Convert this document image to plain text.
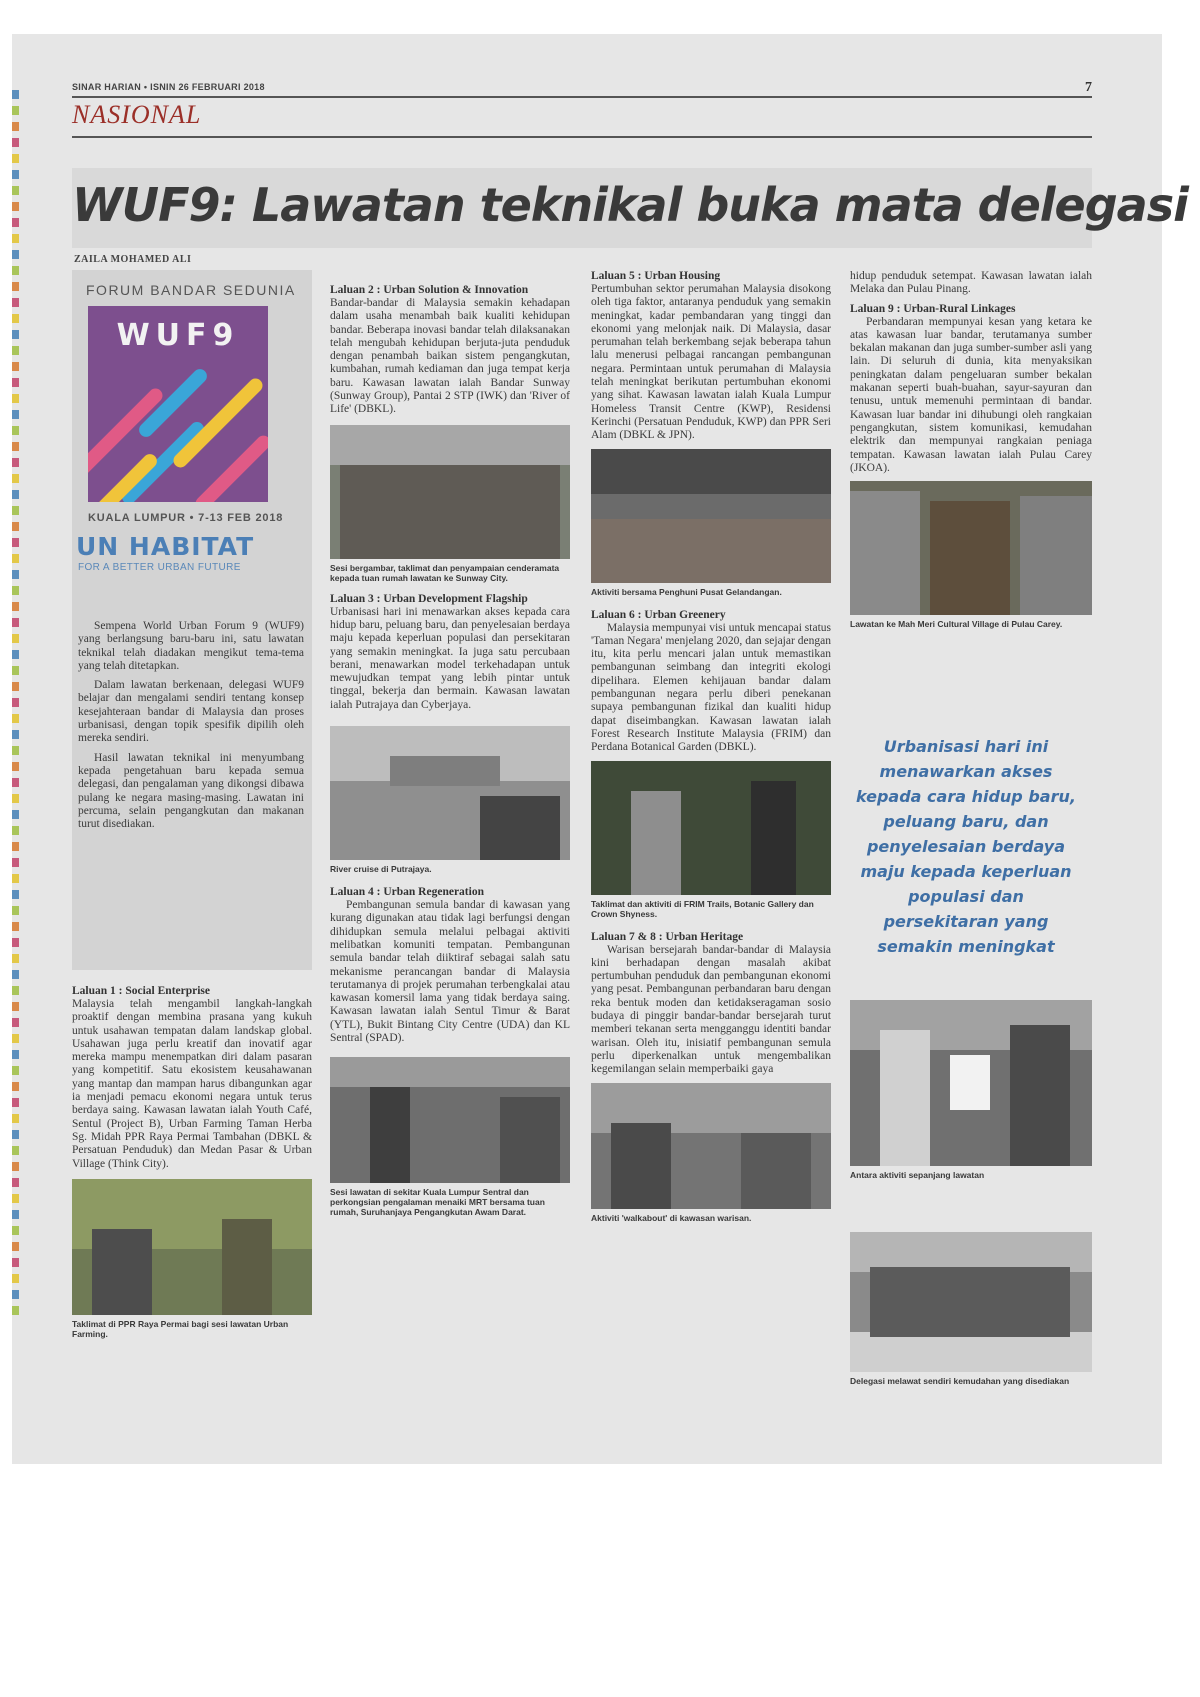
SINAR HARIAN • ISNIN 26 FEBRUARI 2018	7
NASIONAL
WUF9: Lawatan teknikal buka mata delegasi
ZAILA MOHAMED ALI
FORUM BANDAR SEDUNIA
WUF9
KUALA LUMPUR • 7-13 FEB 2018
UN HABITAT
FOR A BETTER URBAN FUTURE

Sempena World Urban Forum 9 (WUF9) yang berlangsung baru-baru ini, satu lawatan teknikal telah diadakan mengikut tema-tema yang telah ditetapkan.

Dalam lawatan berkenaan, delegasi WUF9 belajar dan mengalami sendiri tentang konsep kesejahteraan bandar di Malaysia dan proses urbanisasi, dengan topik spesifik dipilih oleh mereka sendiri.

Hasil lawatan teknikal ini menyumbang kepada pengetahuan baru kepada semua delegasi, dan pengalaman yang dikongsi dibawa pulang ke negara masing-masing. Lawatan ini percuma, selain pengangkutan dan makanan turut disediakan.

Laluan 1 : Social Enterprise

Malaysia telah mengambil langkah-langkah proaktif dengan membina prasana yang kukuh untuk usahawan tempatan dalam landskap global. Usahawan juga perlu kreatif dan inovatif agar mereka mampu menempatkan diri dalam pasaran yang kompetitif. Satu ekosistem keusahawanan yang mantap dan mampan harus dibangunkan agar ia menjadi pemacu ekonomi negara untuk terus berdaya saing. Kawasan lawatan ialah Youth Café, Sentul (Project B), Urban Farming Taman Herba Sg. Midah PPR Raya Permai Tambahan (DBKL & Persatuan Penduduk) dan Medan Pasar & Urban Village (Think City).

Taklimat di PPR Raya Permai bagi sesi lawatan Urban Farming.
Laluan 2 : Urban Solution & Innovation

Bandar-bandar di Malaysia semakin kehadapan dalam usaha menambah baik kualiti kehidupan bandar. Beberapa inovasi bandar telah dilaksanakan telah mengubah kehidupan berjuta-juta penduduk dengan penambah baikan sistem pengangkutan, kumbahan, rumah kediaman dan juga tempat kerja baru. Kawasan lawatan ialah Bandar Sunway (Sunway Group), Pantai 2 STP (IWK) dan 'River of Life' (DBKL).

Sesi bergambar, taklimat dan penyampaian cenderamata kepada tuan rumah lawatan ke Sunway City.
Laluan 3 : Urban Development Flagship

Urbanisasi hari ini menawarkan akses kepada cara hidup baru, peluang baru, dan penyelesaian berdaya maju kepada keperluan populasi dan persekitaran yang semakin meningkat. Ia juga satu percubaan berani, menawarkan model terkehadapan untuk mewujudkan tempat yang lebih pintar untuk tinggal, bekerja dan bermain. Kawasan lawatan ialah Putrajaya dan Cyberjaya.

River cruise di Putrajaya.
Laluan 4 : Urban Regeneration

Pembangunan semula bandar di kawasan yang kurang digunakan atau tidak lagi berfungsi dengan dihidupkan semula melalui pelbagai aktiviti melibatkan komuniti tempatan. Pembangunan semula bandar telah diiktiraf sebagai salah satu mekanisme perancangan bandar di Malaysia terutamanya di projek perumahan terbengkalai atau kawasan komersil lama yang tidak berdaya saing. Kawasan lawatan ialah Sentul Timur & Barat (YTL), Bukit Bintang City Centre (UDA) dan KL Sentral (SPAD).

Sesi lawatan di sekitar Kuala Lumpur Sentral dan perkongsian pengalaman menaiki MRT bersama tuan rumah, Suruhanjaya Pengangkutan Awam Darat.
Laluan 5 : Urban Housing

Pertumbuhan sektor perumahan Malaysia disokong oleh tiga faktor, antaranya penduduk yang semakin meningkat, kadar pembandaran yang tinggi dan ekonomi yang melonjak naik. Di Malaysia, dasar perumahan telah berkembang sejak beberapa tahun lalu menerusi pelbagai rancangan pembangunan negara. Permintaan untuk perumahan di Malaysia telah meningkat berikutan pertumbuhan ekonomi yang sihat. Kawasan lawatan ialah Kuala Lumpur Homeless Transit Centre (KWP), Residensi Kerinchi (Persatuan Penduduk, KWP) dan PPR Seri Alam (DBKL & JPN).

Aktiviti bersama Penghuni Pusat Gelandangan.
Laluan 6 : Urban Greenery

Malaysia mempunyai visi untuk mencapai status 'Taman Negara' menjelang 2020, dan sejajar dengan itu, kita perlu mencari jalan untuk memastikan pembangunan seimbang dan integriti ekologi dipelihara. Elemen kehijauan bandar dalam pembangunan negara perlu diberi penekanan supaya pembangunan fizikal dan kualiti hidup dapat diseimbangkan. Kawasan lawatan ialah Forest Research Institute Malaysia (FRIM) dan Perdana Botanical Garden (DBKL).

Taklimat dan aktiviti di FRIM Trails, Botanic Gallery dan Crown Shyness.
Laluan 7 & 8 : Urban Heritage

Warisan bersejarah bandar-bandar di Malaysia kini berhadapan dengan masalah akibat pertumbuhan penduduk dan pembangunan ekonomi yang pesat. Pembangunan perbandaran baru dengan reka bentuk moden dan ketidakseragaman sosio budaya di pinggir bandar-bandar bersejarah turut memberi tekanan serta mengganggu identiti bandar warisan. Oleh itu, inisiatif pembangunan semula perlu diperkenalkan untuk mengembalikan kegemilangan selain memperbaiki gaya

Aktiviti 'walkabout' di kawasan warisan.

hidup penduduk setempat. Kawasan lawatan ialah Melaka dan Pulau Pinang.

Laluan 9 : Urban-Rural Linkages

Perbandaran mempunyai kesan yang ketara ke atas kawasan luar bandar, terutamanya sumber bekalan makanan dan juga sumber-sumber asli yang lain. Di seluruh di dunia, kita menyaksikan peningkatan dalam pengeluaran sumber bekalan makanan seperti buah-buahan, sayur-sayuran dan tenusu, untuk memenuhi permintaan di bandar. Kawasan luar bandar ini dihubungi oleh rangkaian pengangkutan, sistem komunikasi, kemudahan elektrik dan mempunyai rangkaian peniaga tempatan. Kawasan lawatan ialah Pulau Carey (JKOA).

Lawatan ke Mah Meri Cultural Village di Pulau Carey.
Urbanisasi hari ini menawarkan akses kepada cara hidup baru, peluang baru, dan penyelesaian berdaya maju kepada keperluan populasi dan persekitaran yang semakin meningkat
Antara aktiviti sepanjang lawatan
Delegasi melawat sendiri kemudahan yang disediakan
